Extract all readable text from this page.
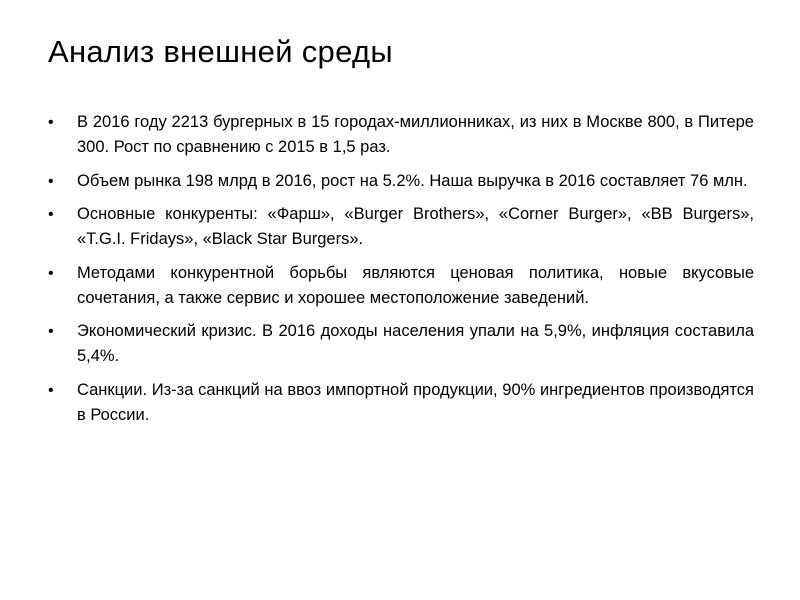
Анализ внешней среды
•	В 2016 году 2213 бургерных в 15 городах-миллионниках, из них в Москве 800, в Питере 300. Рост по сравнению с 2015 в 1,5 раз.
•	Объем рынка 198 млрд в 2016, рост на 5.2%. Наша выручка в 2016 составляет 76 млн.
•	Основные конкуренты: «Фарш», «Burger Brothers», «Corner Burger», «BB Burgers», «T.G.I. Fridays», «Black Star Burgers».
•	Методами конкурентной борьбы являются ценовая политика, новые вкусовые сочетания, а также сервис и хорошее местоположение заведений.
•	Экономический кризис. В 2016 доходы населения упали на 5,9%, инфляция составила 5,4%.
•	Санкции. Из-за санкций на ввоз импортной продукции, 90% ингредиентов производятся в России.
